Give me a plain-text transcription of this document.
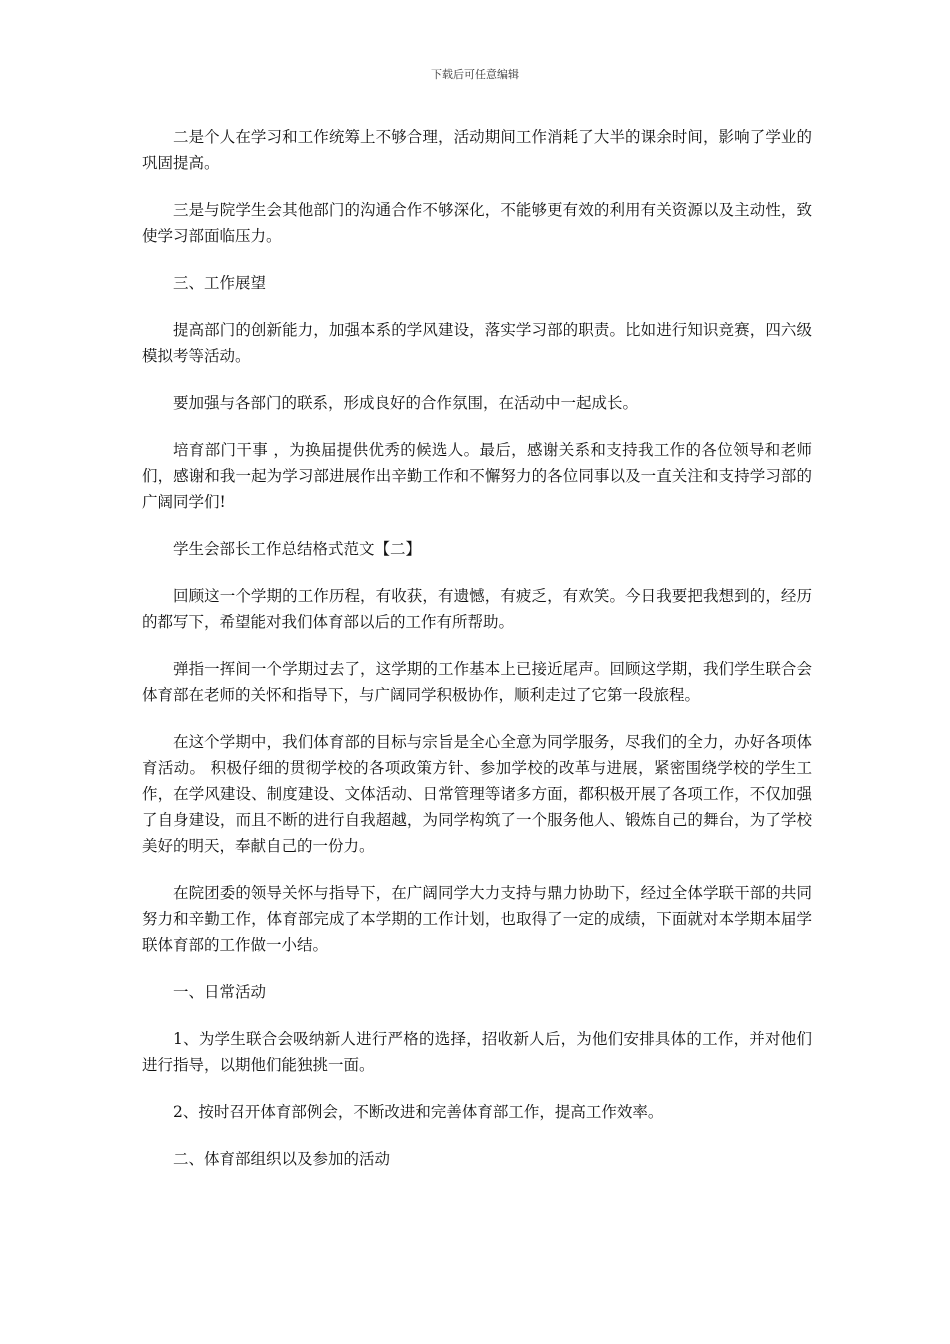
下载后可任意编辑

二是个人在学习和工作统筹上不够合理，活动期间工作消耗了大半的课余时间，影响了学业的巩固提高。

三是与院学生会其他部门的沟通合作不够深化，不能够更有效的利用有关资源以及主动性，致使学习部面临压力。

三、工作展望

提高部门的创新能力，加强本系的学风建设，落实学习部的职责。比如进行知识竞赛，四六级模拟考等活动。

要加强与各部门的联系，形成良好的合作氛围，在活动中一起成长。

培育部门干事 ，为换届提供优秀的候选人。最后，感谢关系和支持我工作的各位领导和老师们，感谢和我一起为学习部进展作出辛勤工作和不懈努力的各位同事以及一直关注和支持学习部的广阔同学们!

学生会部长工作总结格式范文【二】

回顾这一个学期的工作历程，有收获，有遗憾，有疲乏，有欢笑。今日我要把我想到的，经历的都写下，希望能对我们体育部以后的工作有所帮助。

弹指一挥间一个学期过去了，这学期的工作基本上已接近尾声。回顾这学期，我们学生联合会体育部在老师的关怀和指导下，与广阔同学积极协作，顺利走过了它第一段旅程。

在这个学期中，我们体育部的目标与宗旨是全心全意为同学服务，尽我们的全力，办好各项体育活动。 积极仔细的贯彻学校的各项政策方针、参加学校的改革与进展，紧密围绕学校的学生工作，在学风建设、制度建设、文体活动、日常管理等诸多方面，都积极开展了各项工作，不仅加强了自身建设，而且不断的进行自我超越，为同学构筑了一个服务他人、锻炼自己的舞台，为了学校美好的明天，奉献自己的一份力。

在院团委的领导关怀与指导下，在广阔同学大力支持与鼎力协助下，经过全体学联干部的共同努力和辛勤工作，体育部完成了本学期的工作计划，也取得了一定的成绩，下面就对本学期本届学联体育部的工作做一小结。

一、日常活动

1、为学生联合会吸纳新人进行严格的选择，招收新人后，为他们安排具体的工作，并对他们进行指导，以期他们能独挑一面。

2、按时召开体育部例会，不断改进和完善体育部工作，提高工作效率。

二、体育部组织以及参加的活动
